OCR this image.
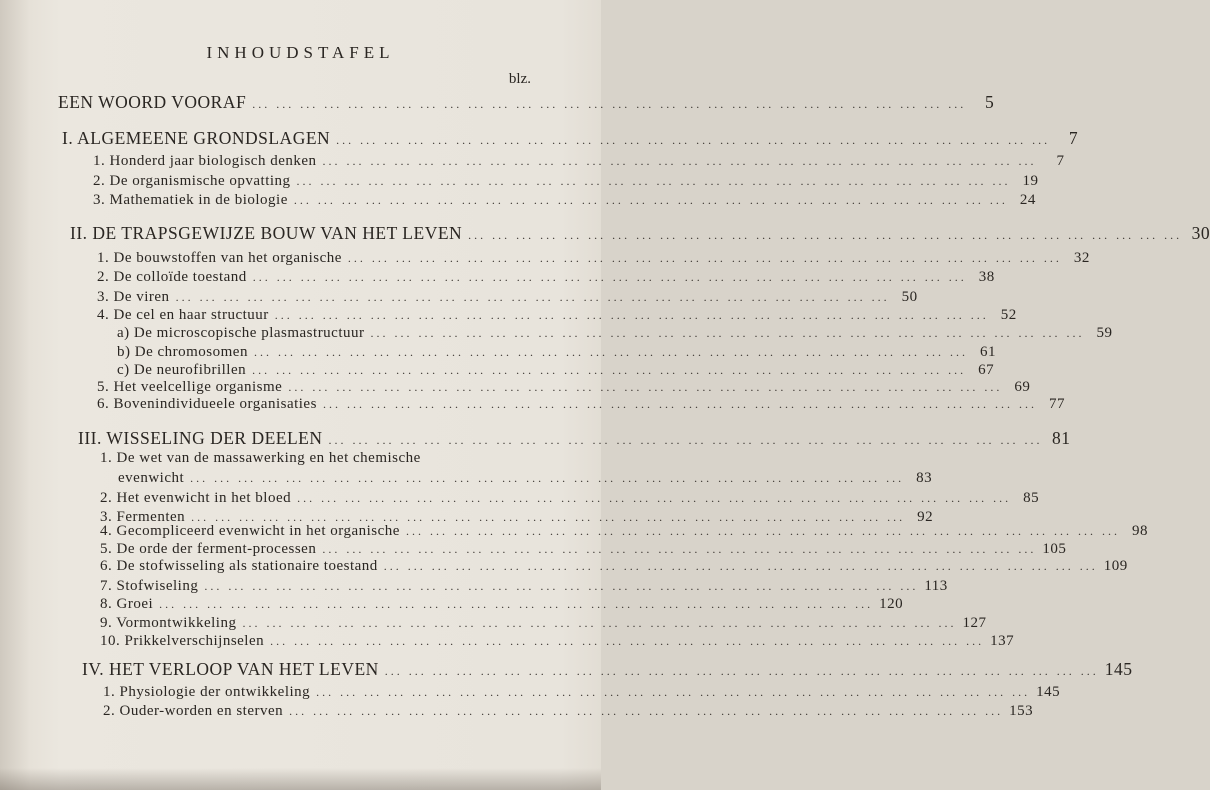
INHOUDSTAFEL
blz.
EEN WOORD VOORAF ... ... ... ... ... ... ... ... ... ... ... ... ... ... ... ... ... ... ... ... ... ... ... ... ... ... ... ... ... ...	5
I. ALGEMEENE GRONDSLAGEN ... ... ... ... ... ... ... ... ... ... ... ... ... ... ... ... ... ... ... ... ... ... ... ... ... ... ... ... ... ...	7
1. Honderd jaar biologisch denken ... ... ... ... ... ... ... ... ... ... ... ... ... ... ... ... ... ... ... ... ... ... ... ... ... ... ... ... ... ...	7
2. De organismische opvatting ... ... ... ... ... ... ... ... ... ... ... ... ... ... ... ... ... ... ... ... ... ... ... ... ... ... ... ... ... ... 19
3. Mathematiek in de biologie ... ... ... ... ... ... ... ... ... ... ... ... ... ... ... ... ... ... ... ... ... ... ... ... ... ... ... ... ... ... 24
II. DE TRAPSGEWIJZE BOUW VAN HET LEVEN ... ... ... ... ... ... ... ... ... ... ... ... ... ... ... ... ... ... ... ... ... ... ... ... ... ... ... ... ... ... 30
1. De bouwstoffen van het organische ... ... ... ... ... ... ... ... ... ... ... ... ... ... ... ... ... ... ... ... ... ... ... ... ... ... ... ... ... ... 32
2. De colloïde toestand ... ... ... ... ... ... ... ... ... ... ... ... ... ... ... ... ... ... ... ... ... ... ... ... ... ... ... ... ... ... 38
3. De viren ... ... ... ... ... ... ... ... ... ... ... ... ... ... ... ... ... ... ... ... ... ... ... ... ... ... ... ... ... ... 50
4. De cel en haar structuur ... ... ... ... ... ... ... ... ... ... ... ... ... ... ... ... ... ... ... ... ... ... ... ... ... ... ... ... ... ... 52
a) De microscopische plasmastructuur ... ... ... ... ... ... ... ... ... ... ... ... ... ... ... ... ... ... ... ... ... ... ... ... ... ... ... ... ... ... 59
b) De chromosomen ... ... ... ... ... ... ... ... ... ... ... ... ... ... ... ... ... ... ... ... ... ... ... ... ... ... ... ... ... ... 61
c) De neurofibrillen ... ... ... ... ... ... ... ... ... ... ... ... ... ... ... ... ... ... ... ... ... ... ... ... ... ... ... ... ... ... 67
5. Het veelcellige organisme ... ... ... ... ... ... ... ... ... ... ... ... ... ... ... ... ... ... ... ... ... ... ... ... ... ... ... ... ... ... 69
6. Bovenindividueele organisaties ... ... ... ... ... ... ... ... ... ... ... ... ... ... ... ... ... ... ... ... ... ... ... ... ... ... ... ... ... ... 77
III. WISSELING DER DEELEN ... ... ... ... ... ... ... ... ... ... ... ... ... ... ... ... ... ... ... ... ... ... ... ... ... ... ... ... ... ... 81
1. De wet van de massawerking en het chemische
evenwicht ... ... ... ... ... ... ... ... ... ... ... ... ... ... ... ... ... ... ... ... ... ... ... ... ... ... ... ... ... ... 83
2. Het evenwicht in het bloed ... ... ... ... ... ... ... ... ... ... ... ... ... ... ... ... ... ... ... ... ... ... ... ... ... ... ... ... ... ... 85
3. Fermenten ... ... ... ... ... ... ... ... ... ... ... ... ... ... ... ... ... ... ... ... ... ... ... ... ... ... ... ... ... ... 92
4. Gecompliceerd evenwicht in het organische ... ... ... ... ... ... ... ... ... ... ... ... ... ... ... ... ... ... ... ... ... ... ... ... ... ... ... ... ... ... 98
5. De orde der ferment-processen ... ... ... ... ... ... ... ... ... ... ... ... ... ... ... ... ... ... ... ... ... ... ... ... ... ... ... ... ... ... 105
6. De stofwisseling als stationaire toestand ... ... ... ... ... ... ... ... ... ... ... ... ... ... ... ... ... ... ... ... ... ... ... ... ... ... ... ... ... ... 109
7. Stofwiseling ... ... ... ... ... ... ... ... ... ... ... ... ... ... ... ... ... ... ... ... ... ... ... ... ... ... ... ... ... ... 113
8. Groei ... ... ... ... ... ... ... ... ... ... ... ... ... ... ... ... ... ... ... ... ... ... ... ... ... ... ... ... ... ... 120
9. Vormontwikkeling ... ... ... ... ... ... ... ... ... ... ... ... ... ... ... ... ... ... ... ... ... ... ... ... ... ... ... ... ... ... 127
10. Prikkelverschijnselen ... ... ... ... ... ... ... ... ... ... ... ... ... ... ... ... ... ... ... ... ... ... ... ... ... ... ... ... ... ... 137
IV. HET VERLOOP VAN HET LEVEN ... ... ... ... ... ... ... ... ... ... ... ... ... ... ... ... ... ... ... ... ... ... ... ... ... ... ... ... ... ... 145
1. Physiologie der ontwikkeling ... ... ... ... ... ... ... ... ... ... ... ... ... ... ... ... ... ... ... ... ... ... ... ... ... ... ... ... ... ... 145
2. Ouder-worden en sterven ... ... ... ... ... ... ... ... ... ... ... ... ... ... ... ... ... ... ... ... ... ... ... ... ... ... ... ... ... ... 153
